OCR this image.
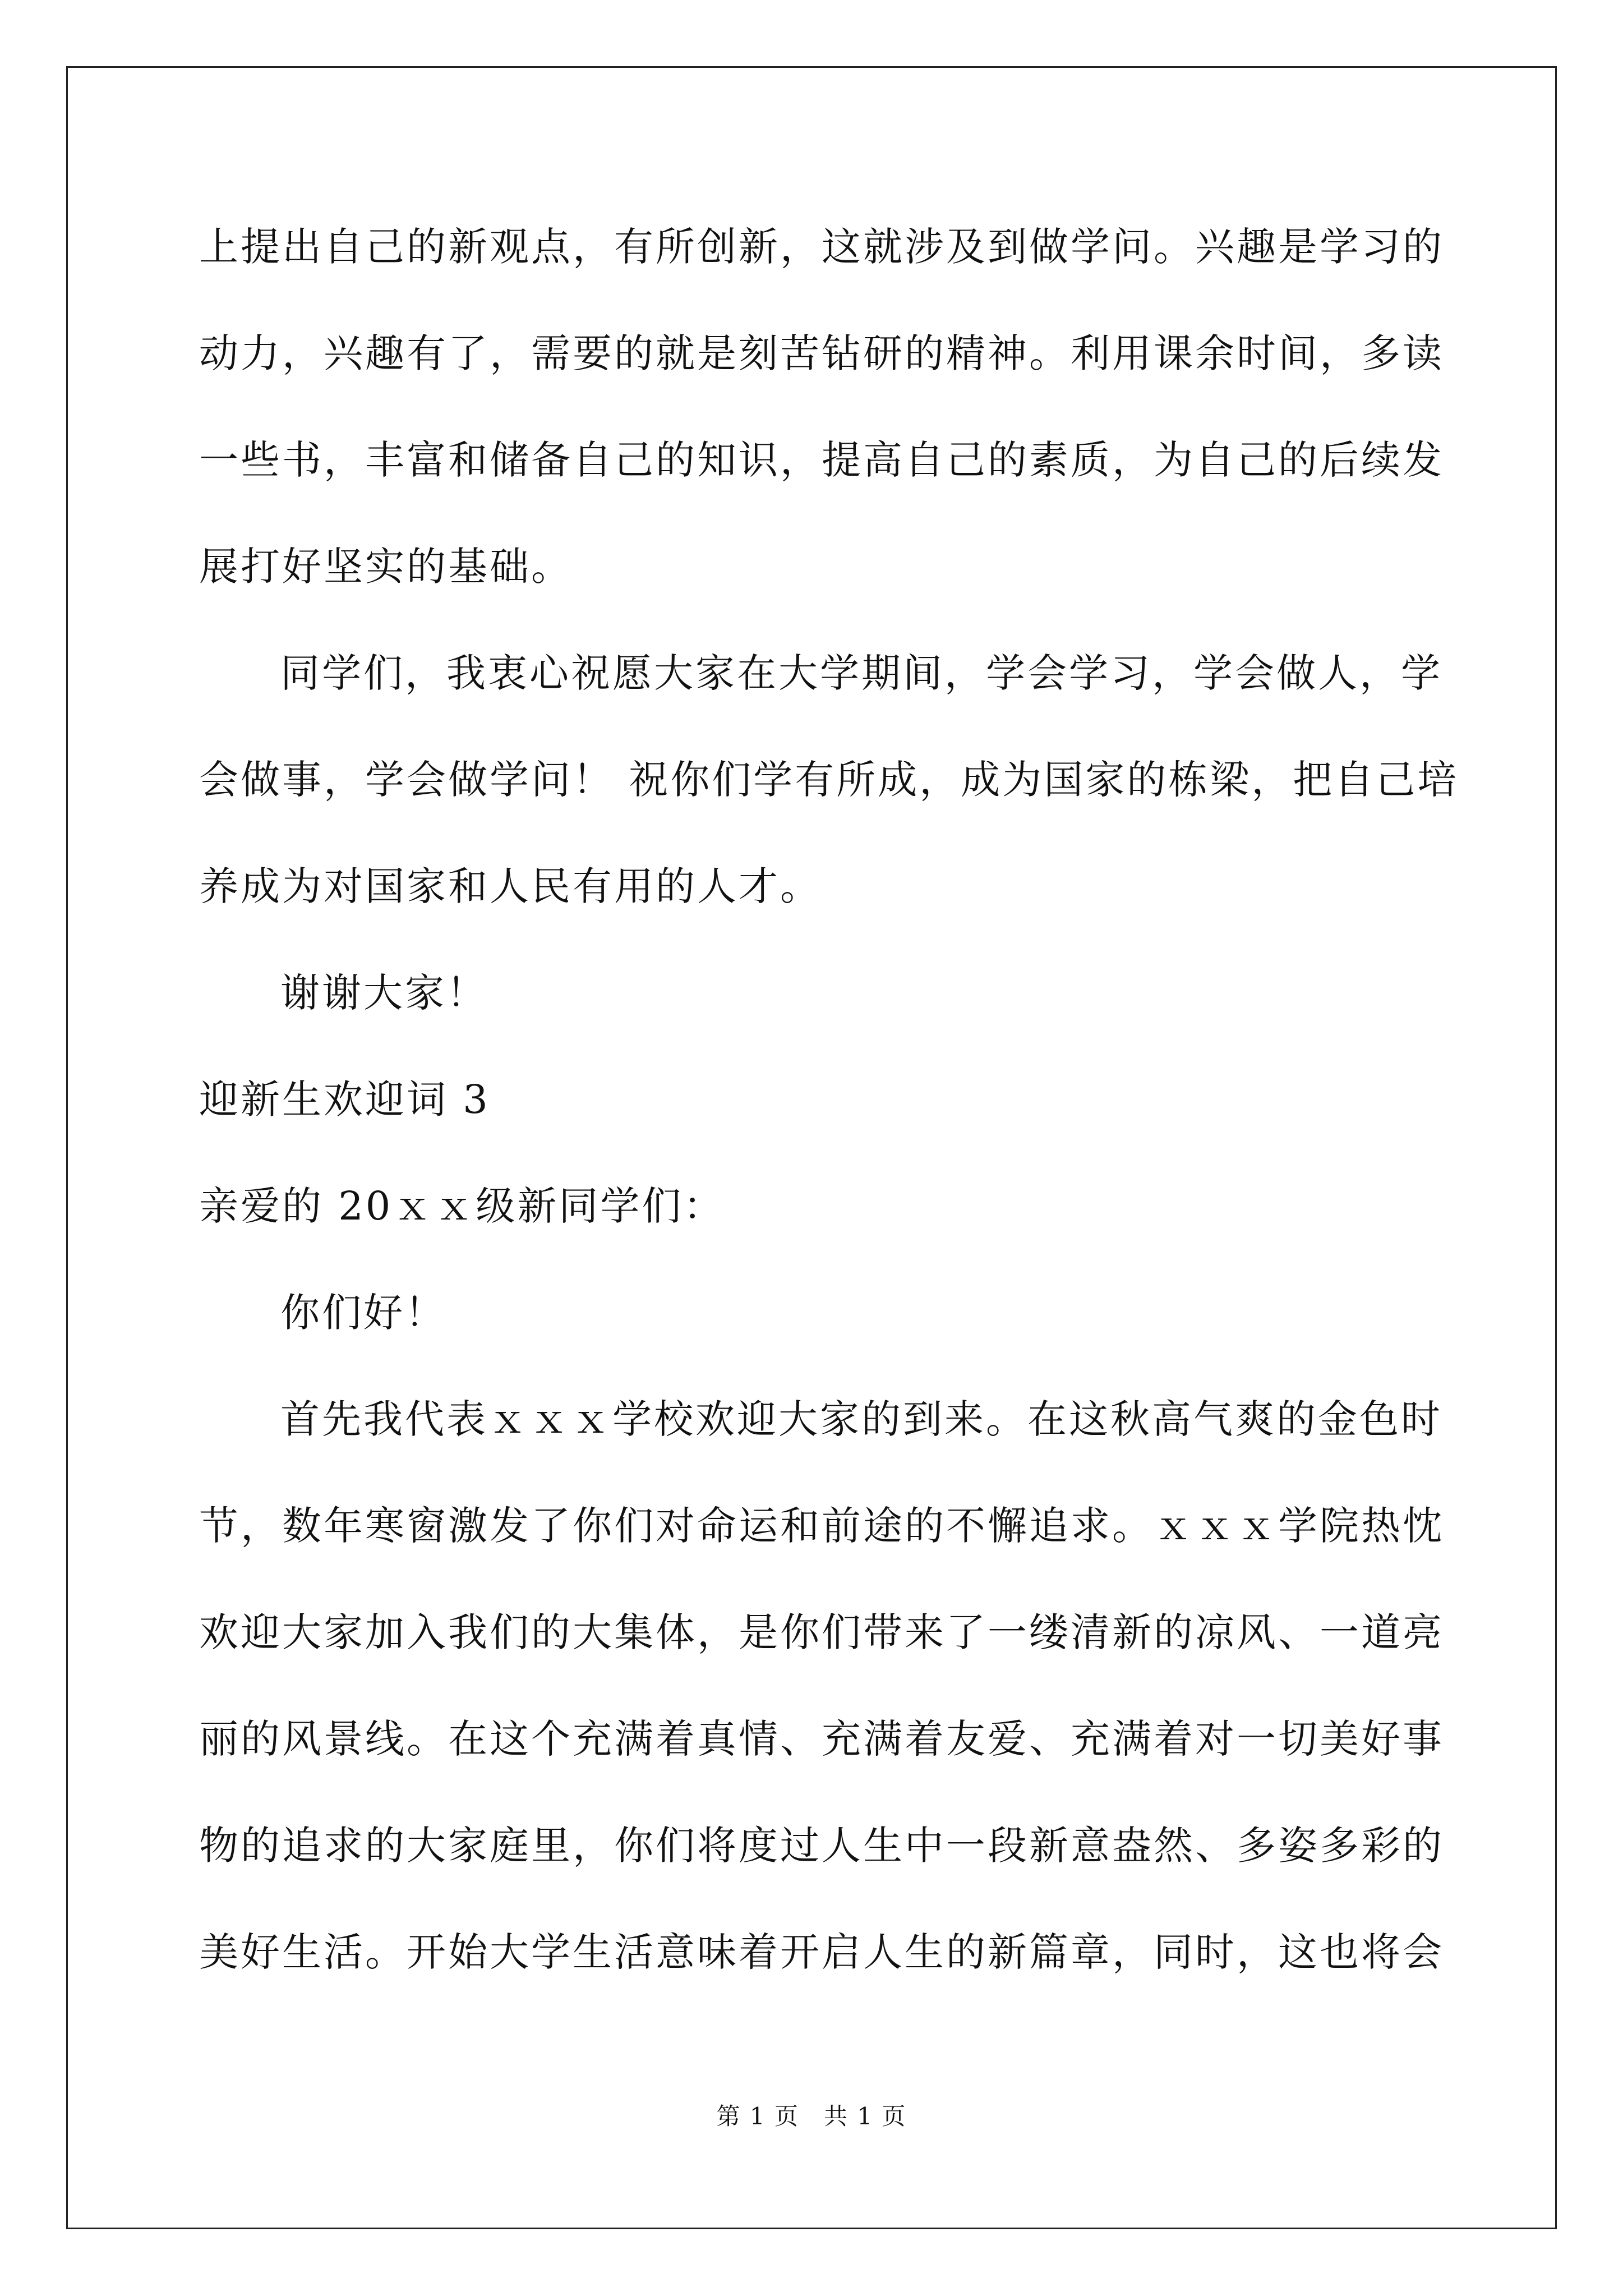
上提出自己的新观点，有所创新，这就涉及到做学问。兴趣是学习的
动力，兴趣有了，需要的就是刻苦钻研的精神。利用课余时间，多读
一些书，丰富和储备自己的知识，提高自己的素质，为自己的后续发
展打好坚实的基础。
同学们，我衷心祝愿大家在大学期间，学会学习，学会做人，学
会做事，学会做学问！ 祝你们学有所成，成为国家的栋梁，把自己培
养成为对国家和人民有用的人才。
谢谢大家！
迎新生欢迎词 3
亲爱的 20ｘｘ级新同学们：
你们好！
首先我代表ｘｘｘ学校欢迎大家的到来。在这秋高气爽的金色时
节，数年寒窗激发了你们对命运和前途的不懈追求。ｘｘｘ学院热忱
欢迎大家加入我们的大集体，是你们带来了一缕清新的凉风、一道亮
丽的风景线。在这个充满着真情、充满着友爱、充满着对一切美好事
物的追求的大家庭里，你们将度过人生中一段新意盎然、多姿多彩的
美好生活。开始大学生活意味着开启人生的新篇章，同时，这也将会
第 1 页　共 1 页
